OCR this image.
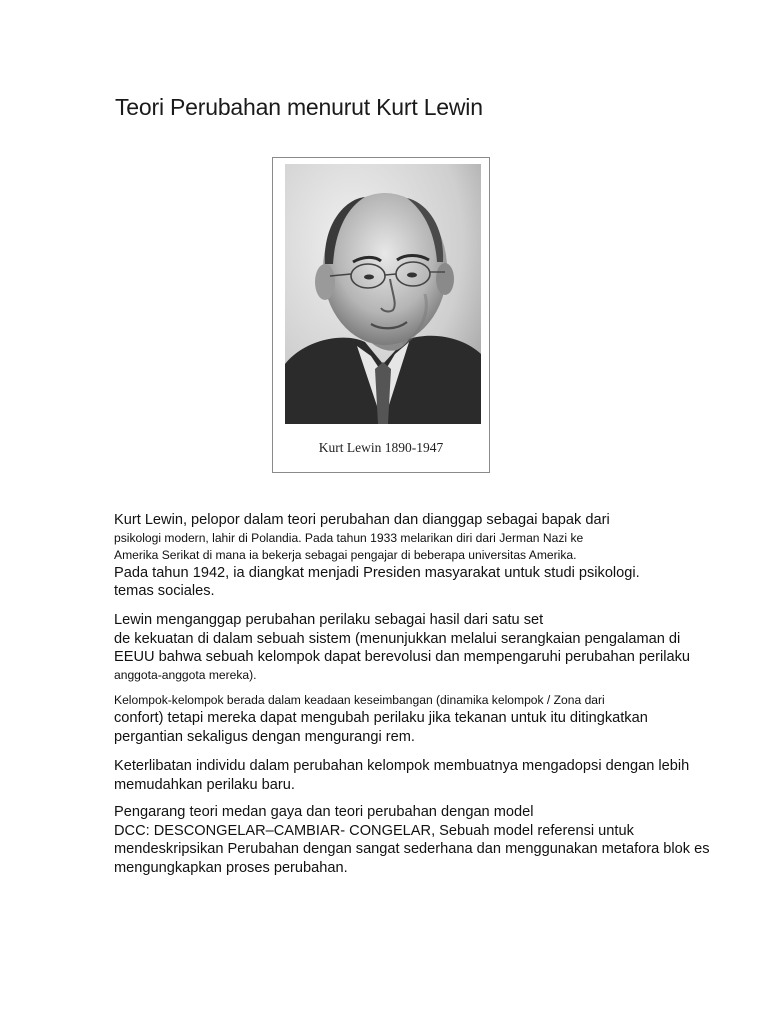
Teori Perubahan menurut Kurt Lewin
Kurt Lewin 1890-1947
Kurt Lewin, pelopor dalam teori perubahan dan dianggap sebagai bapak dari
psikologi modern, lahir di Polandia. Pada tahun 1933 melarikan diri dari Jerman Nazi ke
Amerika Serikat di mana ia bekerja sebagai pengajar di beberapa universitas Amerika.
Pada tahun 1942, ia diangkat menjadi Presiden masyarakat untuk studi psikologi.
temas sociales.
Lewin menganggap perubahan perilaku sebagai hasil dari satu set
de kekuatan di dalam sebuah sistem (menunjukkan melalui serangkaian pengalaman di
EEUU bahwa sebuah kelompok dapat berevolusi dan mempengaruhi perubahan perilaku
anggota-anggota mereka).
Kelompok-kelompok berada dalam keadaan keseimbangan (dinamika kelompok / Zona dari
confort) tetapi mereka dapat mengubah perilaku jika tekanan untuk itu ditingkatkan
pergantian sekaligus dengan mengurangi rem.
Keterlibatan individu dalam perubahan kelompok membuatnya mengadopsi dengan lebih
memudahkan perilaku baru.
Pengarang teori medan gaya dan teori perubahan dengan model
DCC: DESCONGELAR–CAMBIAR- CONGELAR, Sebuah model referensi untuk
mendeskripsikan Perubahan dengan sangat sederhana dan menggunakan metafora blok es
mengungkapkan proses perubahan.
